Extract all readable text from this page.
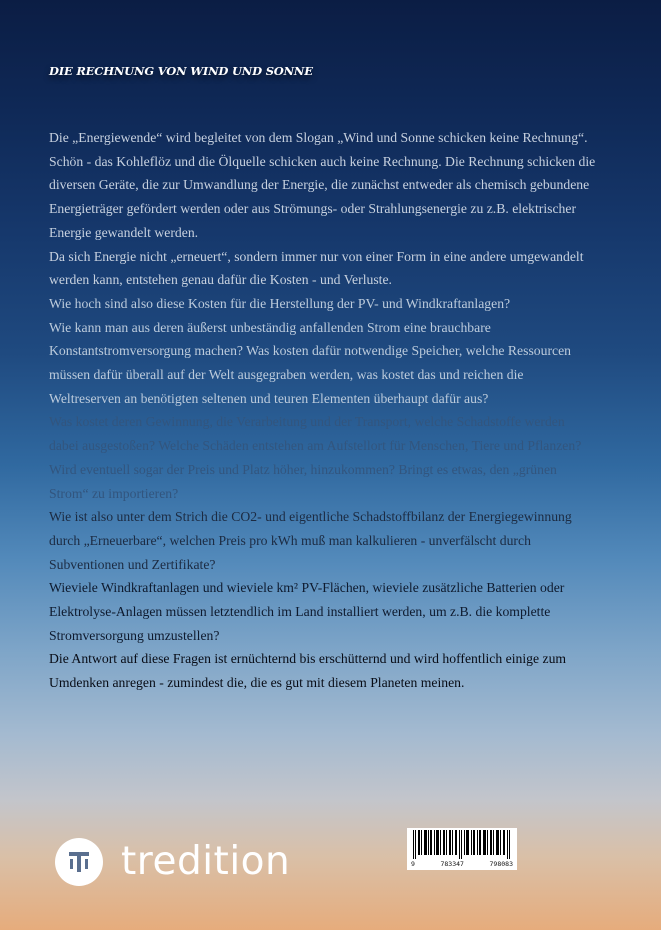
DIE RECHNUNG VON WIND UND SONNE

Die „Energiewende“ wird begleitet von dem Slogan „Wind und Sonne schicken keine Rechnung“.

Schön - das Kohleflöz und die Ölquelle schicken auch keine Rechnung. Die Rechnung schicken die diversen Geräte, die zur Umwandlung der Energie, die zunächst entweder als chemisch gebundene Energieträger gefördert werden oder aus Strömungs- oder Strahlungsenergie zu z.B. elektrischer Energie gewandelt werden.

Da sich Energie nicht „erneuert“, sondern immer nur von einer Form in eine andere umgewandelt werden kann, entstehen genau dafür die Kosten - und Verluste.

Wie hoch sind also diese Kosten für die Herstellung der PV- und Windkraftanlagen?

Wie kann man aus deren äußerst unbeständig anfallenden Strom eine brauchbare Konstantstromversorgung machen? Was kosten dafür notwendige Speicher, welche Ressourcen müssen dafür überall auf der Welt ausgegraben werden, was kostet das und reichen die Weltreserven an benötigten seltenen und teuren Elementen überhaupt dafür aus?

Was kostet deren Gewinnung, die Verarbeitung und der Transport, welche Schadstoffe werden dabei ausgestoßen? Welche Schäden entstehen am Aufstellort für Menschen, Tiere und Pflanzen? Wird eventuell sogar der Preis und Platz höher, hinzukommen? Bringt es etwas, den „grünen Strom“ zu importieren?

Wie ist also unter dem Strich die CO2- und eigentliche Schadstoffbilanz der Energiegewinnung durch „Erneuerbare“, welchen Preis pro kWh muß man kalkulieren - unverfälscht durch Subventionen und Zertifikate?

Wieviele Windkraftanlagen und wieviele km² PV-Flächen, wieviele zusätzliche Batterien oder Elektrolyse-Anlagen müssen letztendlich im Land installiert werden, um z.B. die komplette Stromversorgung umzustellen?

Die Antwort auf diese Fragen ist ernüchternd bis erschütternd und wird hoffentlich einige zum Umdenken anregen - zumindest die, die es gut mit diesem Planeten meinen.

tredition	9	783347	798083
